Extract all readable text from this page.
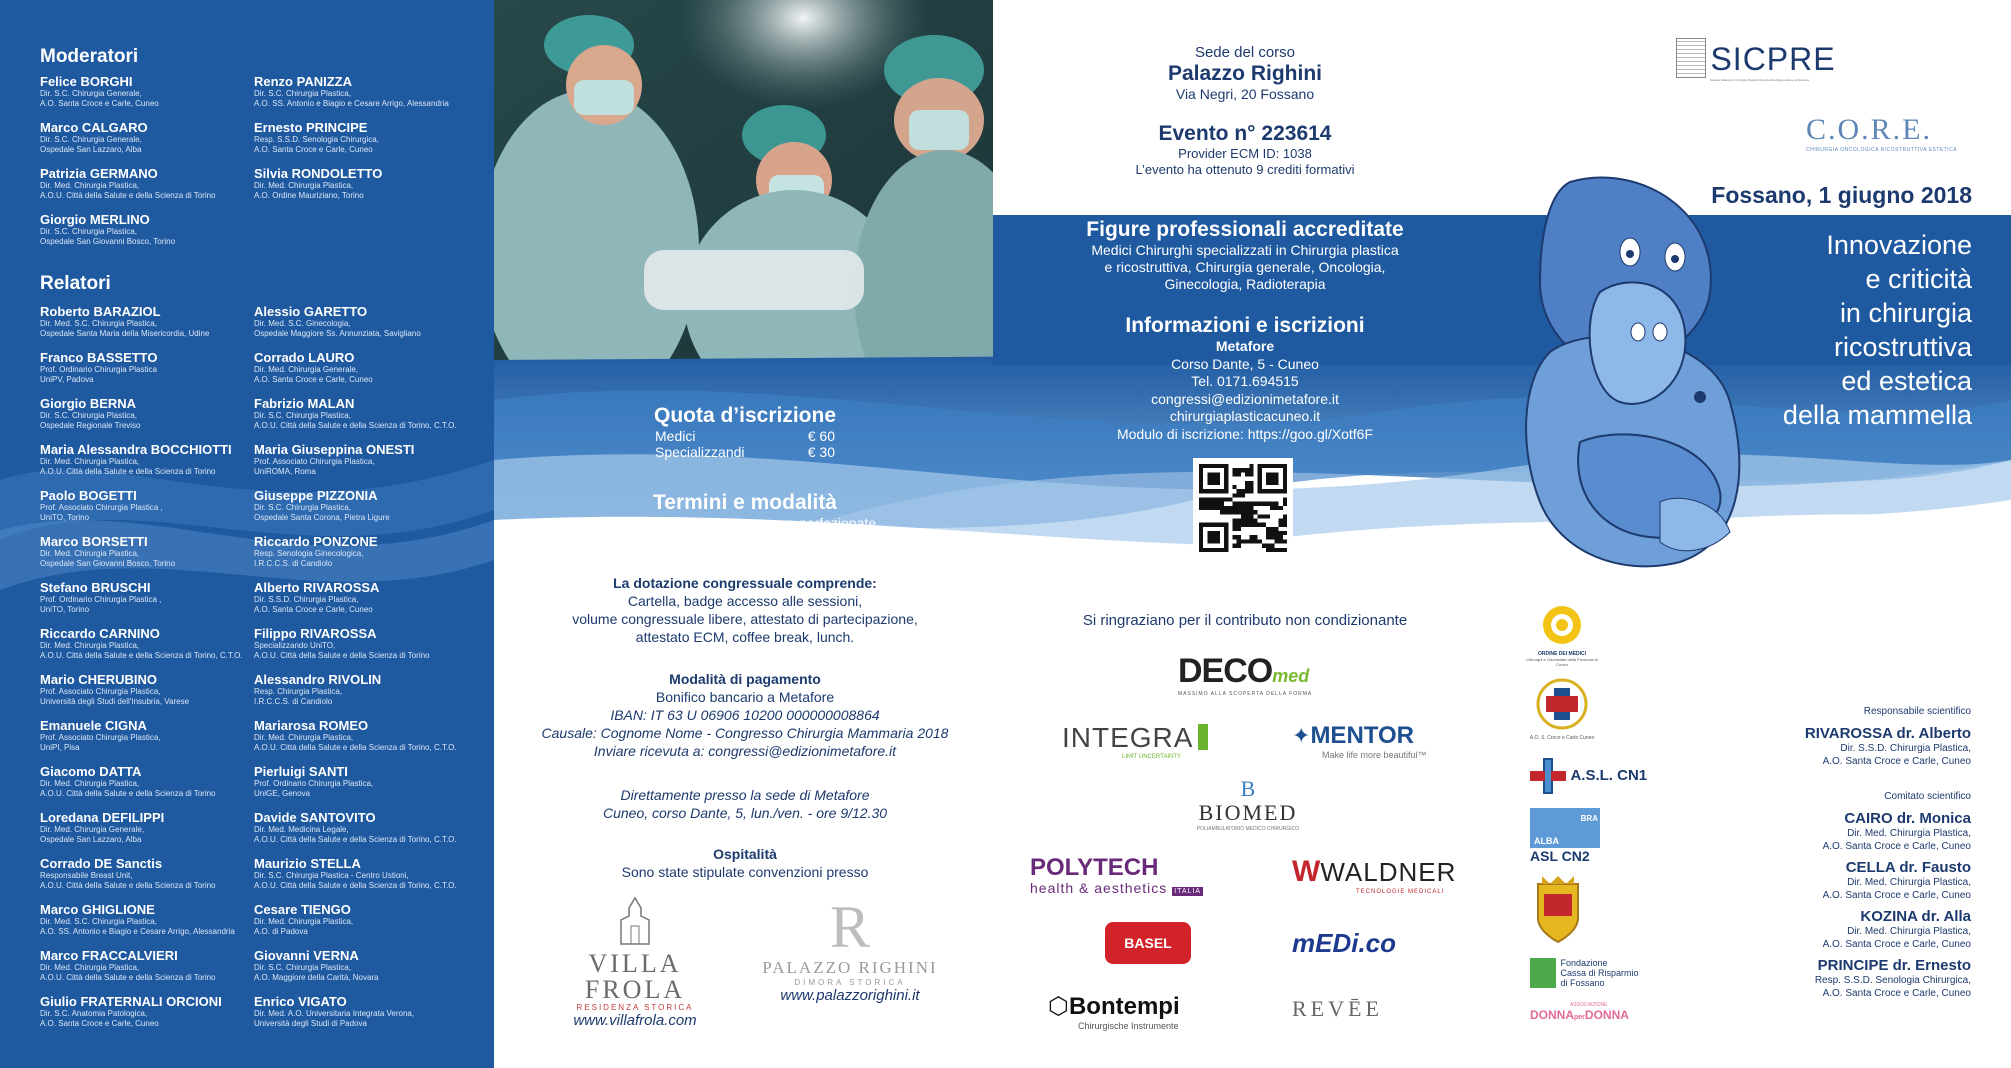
Moderatori
Relatori
Felice BORGHI
Dir. S.C. Chirurgia Generale,
A.O. Santa Croce e Carle, Cuneo
Marco CALGARO
Dir. S.C. Chirurgia Generale,
Ospedale San Lazzaro, Alba
Patrizia GERMANO
Dir. Med. Chirurgia Plastica,
A.O.U. Città della Salute e della Scienza di Torino
Giorgio MERLINO
Dir. S.C. Chirurgia Plastica,
Ospedale San Giovanni Bosco, Torino
Renzo PANIZZA
Dir. S.C. Chirurgia Plastica,
A.O. SS. Antonio e Biagio e Cesare Arrigo, Alessandria
Ernesto PRINCIPE
Resp. S.S.D. Senologia Chirurgica,
A.O. Santa Croce e Carle, Cuneo
Silvia RONDOLETTO
Dir. Med. Chirurgia Plastica,
A.O. Ordine Mauriziano, Torino
Roberto BARAZIOL
Dir. Med. S.C. Chirurgia Plastica,
Ospedale Santa Maria della Misericordia, Udine
Franco BASSETTO
Prof. Ordinario Chirurgia Plastica
UniPV, Padova
Giorgio BERNA
Dir. S.C. Chirurgia Plastica,
Ospedale Regionale Treviso
Maria Alessandra BOCCHIOTTI
Dir. Med. Chirurgia Plastica,
A.O.U. Città della Salute e della Scienza di Torino
Paolo BOGETTI
Prof. Associato Chirurgia Plastica ,
UniTO, Torino
Marco BORSETTI
Dir. Med. Chirurgia Plastica,
Ospedale San Giovanni Bosco, Torino
Stefano BRUSCHI
Prof. Ordinario Chirurgia Plastica ,
UniTO, Torino
Riccardo CARNINO
Dir. Med. Chirurgia Plastica,
A.O.U. Città della Salute e della Scienza di Torino, C.T.O.
Mario CHERUBINO
Prof. Associato Chirurgia Plastica,
Università degli Studi dell'Insubria, Varese
Emanuele CIGNA
Prof. Associato Chirurgia Plastica,
UniPI, Pisa
Giacomo DATTA
Dir. Med. Chirurgia Plastica,
A.O.U. Città della Salute e della Scienza di Torino
Loredana DEFILIPPI
Dir. Med. Chirurgia Generale,
Ospedale San Lazzaro, Alba
Corrado DE Sanctis
Responsabile Breast Unit,
A.O.U. Città della Salute e della Scienza di Torino
Marco GHIGLIONE
Dir. Med. S.C. Chirurgia Plastica,
A.O. SS. Antonio e Biagio e Cesare Arrigo, Alessandria
Marco FRACCALVIERI
Dir. Med. Chirurgia Plastica,
A.O.U. Città della Salute e della Scienza di Torino
Giulio FRATERNALI ORCIONI
Dir. S.C. Anatomia Patologica,
A.O. Santa Croce e Carle, Cuneo
Alessio GARETTO
Dir. Med. S.C. Ginecologia,
Ospedale Maggiore Ss. Annunziata, Savigliano
Corrado LAURO
Dir. Med. Chirurgia Generale,
A.O. Santa Croce e Carle, Cuneo
Fabrizio MALAN
Dir. S.C. Chirurgia Plastica,
A.O.U. Città della Salute e della Scienza di Torino, C.T.O.
Maria Giuseppina ONESTI
Prof. Associato Chirurgia Plastica,
UniROMA, Roma
Giuseppe PIZZONIA
Dir. S.C. Chirurgia Plastica,
Ospedale Santa Corona, Pietra Ligure
Riccardo PONZONE
Resp. Senologia Ginecologica,
I.R.C.C.S. di Candiolo
Alberto RIVAROSSA
Dir. S.S.D. Chirurgia Plastica,
A.O. Santa Croce e Carle, Cuneo
Filippo RIVAROSSA
Specializzando UniTO,
A.O.U. Città della Salute e della Scienza di Torino
Alessandro RIVOLIN
Resp. Chirurgia Plastica,
I.R.C.C.S. di Candiolo
Mariarosa ROMEO
Dir. Med. Chirurgia Plastica,
A.O.U. Città della Salute e della Scienza di Torino, C.T.O.
Pierluigi SANTI
Prof. Ordinario Chirurgia Plastica,
UniGE, Genova
Davide SANTOVITO
Dir. Med. Medicina Legale,
A.O.U. Città della Salute e della Scienza di Torino, C.T.O.
Maurizio STELLA
Dir. S.C. Chirurgia Plastica - Centro Ustioni,
A.O.U. Città della Salute e della Scienza di Torino, C.T.O.
Cesare TIENGO
Dir. Med. Chirurgia Plastica,
A.O. di Padova
Giovanni VERNA
Dir. S.C. Chirurgia Plastica,
A.O. Maggiore della Carità, Novara
Enrico VIGATO
Dir. Med. A.O. Universitaria Integrata Verona,
Università degli Studi di Padova
Quota d’iscrizione
Medici	€ 60
Specializzandi	€ 30
Termini e modalità
Le iscrizioni dovranno essere perfezionate
con il pagamento entro il 20 maggio 2018.
La dotazione congressuale comprende:
Cartella, badge accesso alle sessioni,
volume congressuale libere, attestato di partecipazione,
attestato ECM, coffee break, lunch.
Modalità di pagamento
Bonifico bancario a Metafore
IBAN: IT 63 U 06906 10200 000000008864
Causale: Cognome Nome - Congresso Chirurgia Mammaria 2018
Inviare ricevuta a: congressi@edizionimetafore.it
Direttamente presso la sede di Metafore
Cuneo, corso Dante, 5, lun./ven. - ore 9/12.30
Ospitalità
Sono state stipulate convenzioni presso
VILLA
FROLA
RESIDENZA STORICA
www.villafrola.com
R
PALAZZO RIGHINI
DIMORA STORICA
www.palazzorighini.it
Sede del corso
Palazzo Righini
Via Negri, 20 Fossano
Evento n° 223614
Provider ECM ID: 1038
L’evento ha ottenuto 9 crediti formativi
Figure professionali accreditate
Medici Chirurghi specializzati in Chirurgia plastica
e ricostruttiva, Chirurgia generale, Oncologia,
Ginecologia, Radioterapia
Informazioni e iscrizioni
Metafore
Corso Dante, 5 - Cuneo
Tel. 0171.694515
congressi@edizionimetafore.it
chirurgiaplasticacuneo.it
Modulo di iscrizione: https://goo.gl/Xotf6F
Si ringraziano per il contributo non condizionante
DECOmed
MASSIMO ALLA SCOPERTA DELLA FORMA
INTEGRA
LIMIT UNCERTAINTY
✦MENTOR
Make life more beautiful™
B
BIOMED
POLIAMBULATORIO MEDICO CHIRURGICO
POLYTECH
health & aesthetics ITALIA
WWALDNER
TECNOLOGIE MEDICALI
BASEL	mEDi.co
⬡Bontempi
Chirurgische Instrumente
REVĒE
ORDINE DEI MEDICI
Chirurghi e Odontoiatri della Provincia di Cuneo
A.O. S. Croce e Carle Cuneo
A.S.L. CN1
BRA
ALBA
ASL CN2

Fondazione
Cassa di Risparmio
di Fossano
ASSOCIAZIONE
DONNAperDONNA
SICPRE
Società Italiana di Chirurgia Plastica Ricostruttiva-Rigenerativa ed Estetica
C.O.R.E.
CHIRURGIA ONCOLOGICA RICOSTRUTTIVA ESTETICA
Fossano, 1 giugno 2018
Innovazione
e criticità
in chirurgia
ricostruttiva
ed estetica
della mammella
Responsabile scientifico
RIVAROSSA dr. Alberto
Dir. S.S.D. Chirurgia Plastica,
A.O. Santa Croce e Carle, Cuneo
Comitato scientifico
CAIRO dr. Monica
Dir. Med. Chirurgia Plastica,
A.O. Santa Croce e Carle, Cuneo
CELLA dr. Fausto
Dir. Med. Chirurgia Plastica,
A.O. Santa Croce e Carle, Cuneo
KOZINA dr. Alla
Dir. Med. Chirurgia Plastica,
A.O. Santa Croce e Carle, Cuneo
PRINCIPE dr. Ernesto
Resp. S.S.D. Senologia Chirurgica,
A.O. Santa Croce e Carle, Cuneo
